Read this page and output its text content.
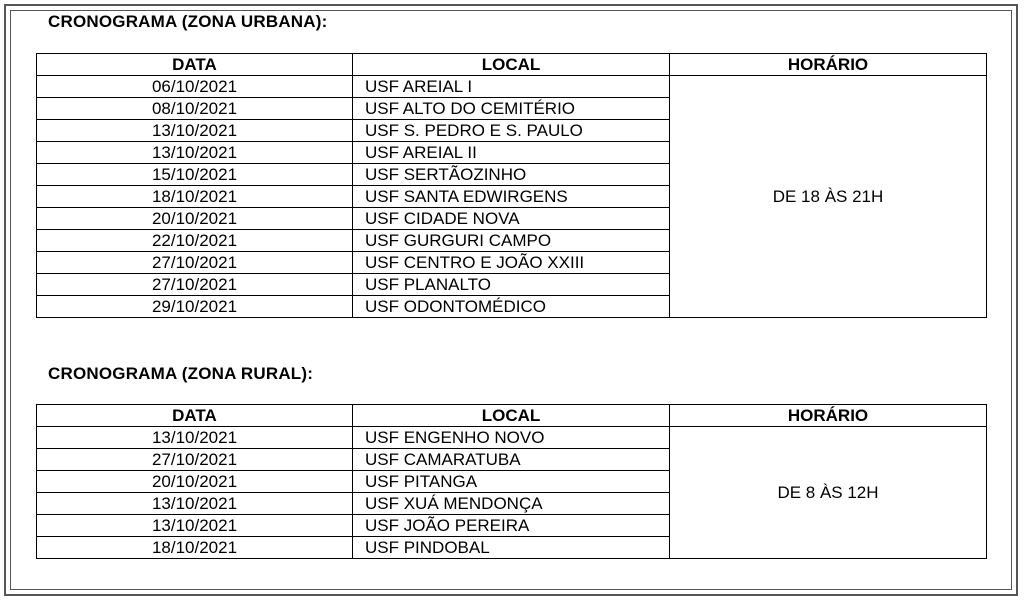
CRONOGRAMA (ZONA URBANA):
DATA	LOCAL	HORÁRIO
06/10/2021	USF AREIAL I	DE 18 ÀS 21H
08/10/2021	USF ALTO DO CEMITÉRIO	
13/10/2021	USF S. PEDRO E S. PAULO	
13/10/2021	USF AREIAL II	
15/10/2021	USF SERTÃOZINHO	
18/10/2021	USF SANTA EDWIRGENS	
20/10/2021	USF CIDADE NOVA	
22/10/2021	USF GURGURI CAMPO	
27/10/2021	USF CENTRO E JOÃO XXIII	
27/10/2021	USF PLANALTO	
29/10/2021	USF ODONTOMÉDICO	
CRONOGRAMA (ZONA RURAL):
DATA	LOCAL	HORÁRIO
13/10/2021	USF ENGENHO NOVO	DE 8 ÀS 12H
27/10/2021	USF CAMARATUBA	
20/10/2021	USF PITANGA	
13/10/2021	USF XUÁ MENDONÇA	
13/10/2021	USF JOÃO PEREIRA	
18/10/2021	USF PINDOBAL	
